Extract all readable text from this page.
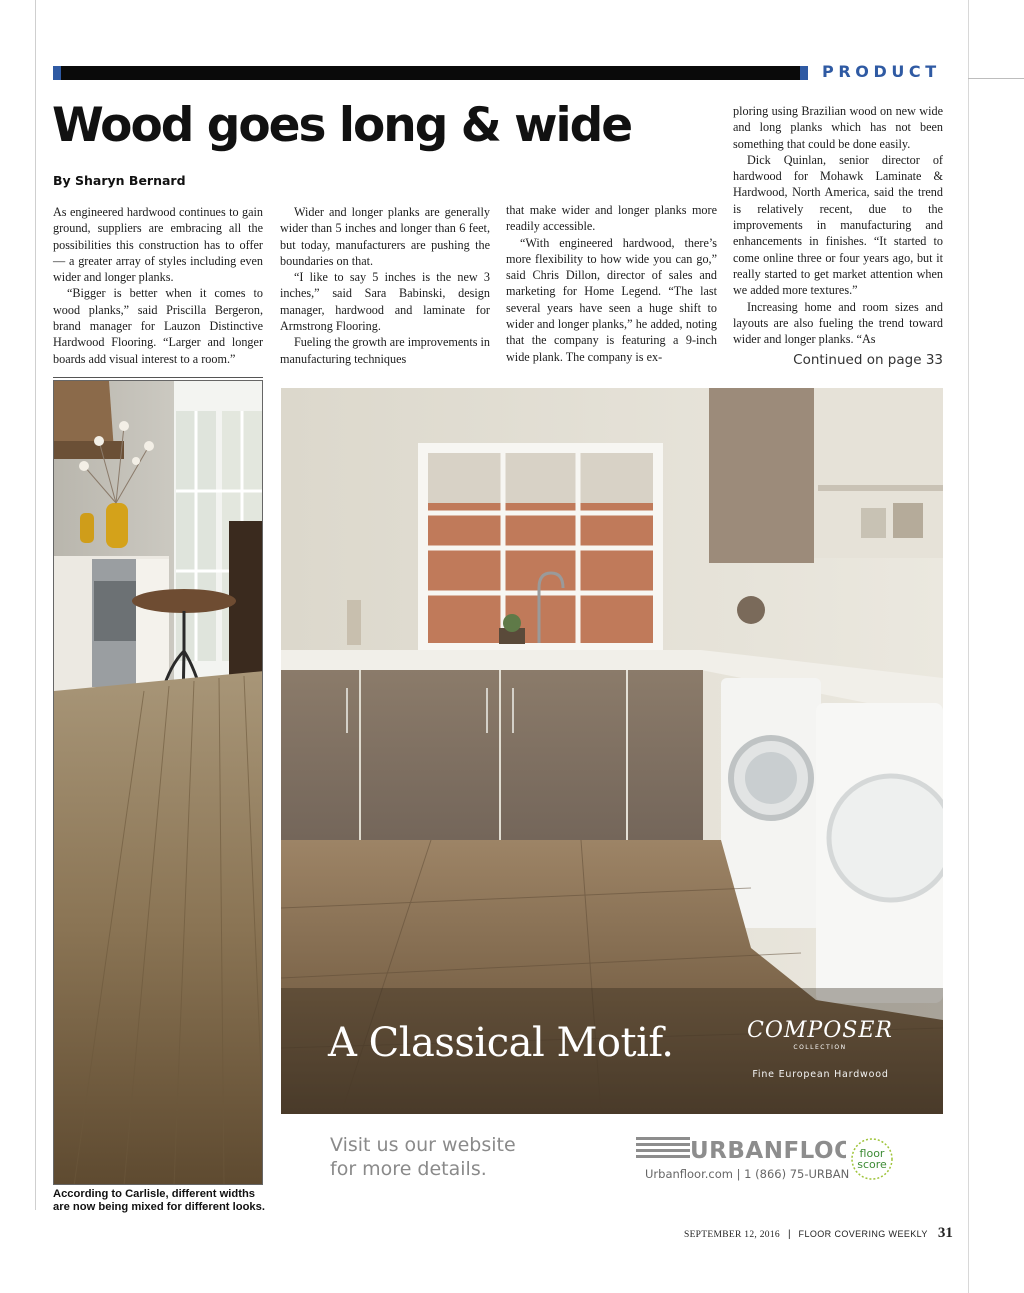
PRODUCT
Wood goes long & wide
By Sharyn Bernard

As engineered hardwood continues to gain ground, suppliers are embracing all the possibilities this construction has to offer — a greater array of styles including even wider and longer planks.

“Bigger is better when it comes to wood planks,” said Priscilla Bergeron, brand manager for Lauzon Distinctive Hardwood Flooring. “Larger and longer boards add visual interest to a room.”

Wider and longer planks are generally wider than 5 inches and longer than 6 feet, but today, manufacturers are pushing the boundaries on that.

“I like to say 5 inches is the new 3 inches,” said Sara Babinski, design manager, hardwood and laminate for Armstrong Flooring.

Fueling the growth are improvements in manufacturing techniques

that make wider and longer planks more readily accessible.

“With engineered hardwood, there’s more flexibility to how wide you can go,” said Chris Dillon, director of sales and marketing for Home Legend. “The last several years have seen a huge shift to wider and longer planks,” he added, noting that the company is featuring a 9-inch wide plank. The company is ex-

ploring using Brazilian wood on new wide and long planks which has not been something that could be done easily.

Dick Quinlan, senior director of hardwood for Mohawk Laminate & Hardwood, North America, said the trend is relatively recent, due to the improvements in manufacturing and enhancements in finishes. “It started to come online three or four years ago, but it really started to get market attention when we added more textures.”

Increasing home and room sizes and layouts are also fueling the trend toward wider and longer planks. “As

Continued on page 33
According to Carlisle, different widths are now being mixed for different looks.
A Classical Motif.	COMPOSER
COLLECTION
Fine European Hardwood
Visit us our website
for more details.
URBANFLOO
Urbanfloor.com | 1 (866) 75-URBAN
floor
score
SEPTEMBER 12, 2016 | FLOOR COVERING WEEKLY 31
